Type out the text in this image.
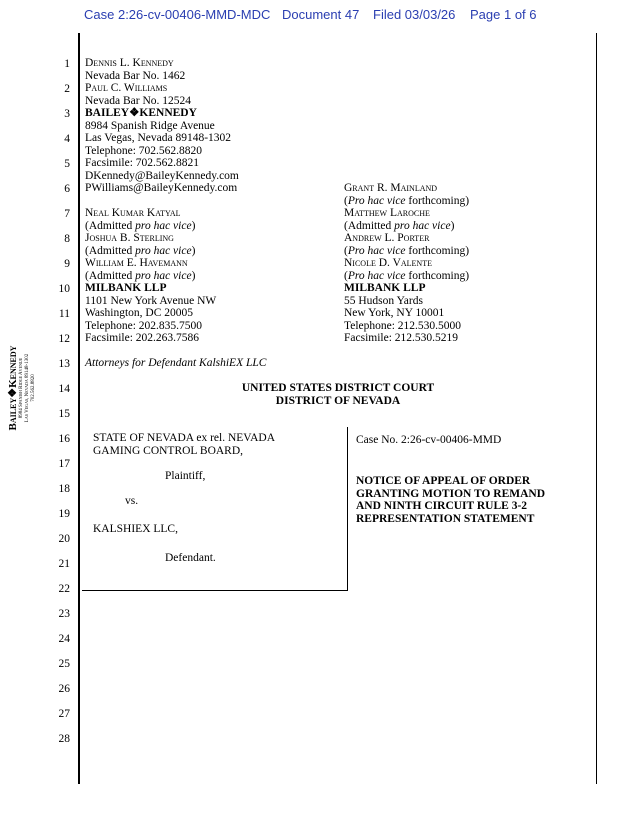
Case 2:26-cv-00406-MMD-MDC Document 47 Filed 03/03/26 Page 1 of 6
1
2
3
4
5
6
7
8
9
10
11
12
13
14
15
16
17
18
19
20
21
22
23
24
25
26
27
28
Bailey❖Kennedy 8984 Spanish Ridge Avenue Las Vegas, Nevada 89148-1302 702.562.8820
Dennis L. Kennedy
Nevada Bar No. 1462
Paul C. Williams
Nevada Bar No. 12524
BAILEY❖KENNEDY
8984 Spanish Ridge Avenue
Las Vegas, Nevada 89148-1302
Telephone: 702.562.8820
Facsimile: 702.562.8821
DKennedy@BaileyKennedy.com
PWilliams@BaileyKennedy.com
Neal Kumar Katyal
(Admitted pro hac vice)
Joshua B. Sterling
(Admitted pro hac vice)
William E. Havemann
(Admitted pro hac vice)
MILBANK LLP
1101 New York Avenue NW
Washington, DC 20005
Telephone: 202.835.7500
Facsimile: 202.263.7586
Grant R. Mainland
(Pro hac vice forthcoming)
Matthew Laroche
(Admitted pro hac vice)
Andrew L. Porter
(Pro hac vice forthcoming)
Nicole D. Valente
(Pro hac vice forthcoming)
MILBANK LLP
55 Hudson Yards
New York, NY 10001
Telephone: 212.530.5000
Facsimile: 212.530.5219
Attorneys for Defendant KalshiEX LLC
UNITED STATES DISTRICT COURT
DISTRICT OF NEVADA
STATE OF NEVADA ex rel. NEVADA
GAMING CONTROL BOARD,
Plaintiff,
vs.
KALSHIEX LLC,
Defendant.
Case No. 2:26-cv-00406-MMD
NOTICE OF APPEAL OF ORDER
GRANTING MOTION TO REMAND
AND NINTH CIRCUIT RULE 3-2
REPRESENTATION STATEMENT
